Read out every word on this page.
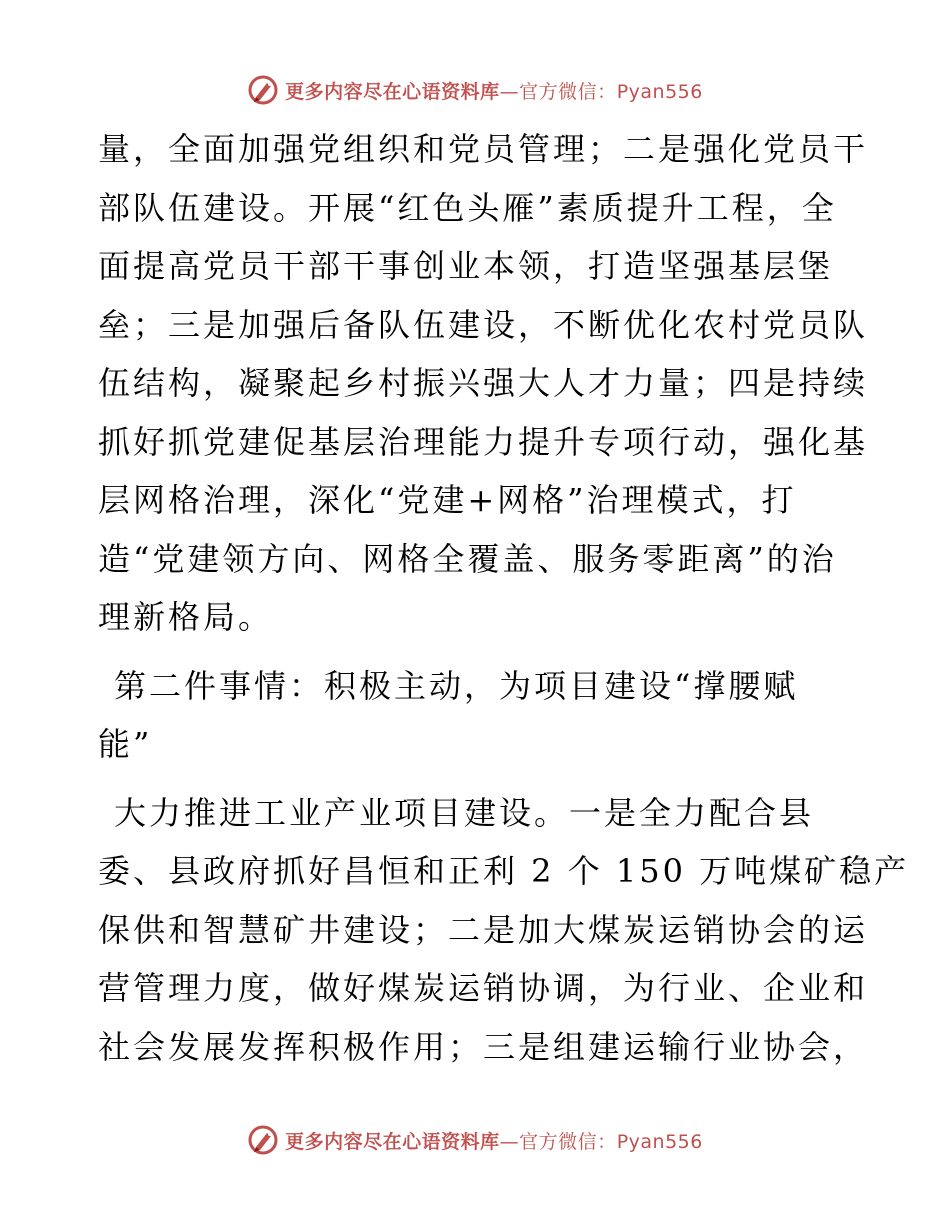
更多内容尽在心语资料库—官方微信：Pyan556
量，全面加强党组织和党员管理；二是强化党员干
部队伍建设。开展“红色头雁”素质提升工程，全
面提高党员干部干事创业本领，打造坚强基层堡
垒；三是加强后备队伍建设，不断优化农村党员队
伍结构，凝聚起乡村振兴强大人才力量；四是持续
抓好抓党建促基层治理能力提升专项行动，强化基
层网格治理，深化“党建+网格”治理模式，打
造“党建领方向、网格全覆盖、服务零距离”的治
理新格局。
第二件事情：积极主动，为项目建设“撑腰赋
能”
大力推进工业产业项目建设。一是全力配合县
委、县政府抓好昌恒和正利 2 个 150 万吨煤矿稳产
保供和智慧矿井建设；二是加大煤炭运销协会的运
营管理力度，做好煤炭运销协调，为行业、企业和
社会发展发挥积极作用；三是组建运输行业协会，
更多内容尽在心语资料库—官方微信：Pyan556
